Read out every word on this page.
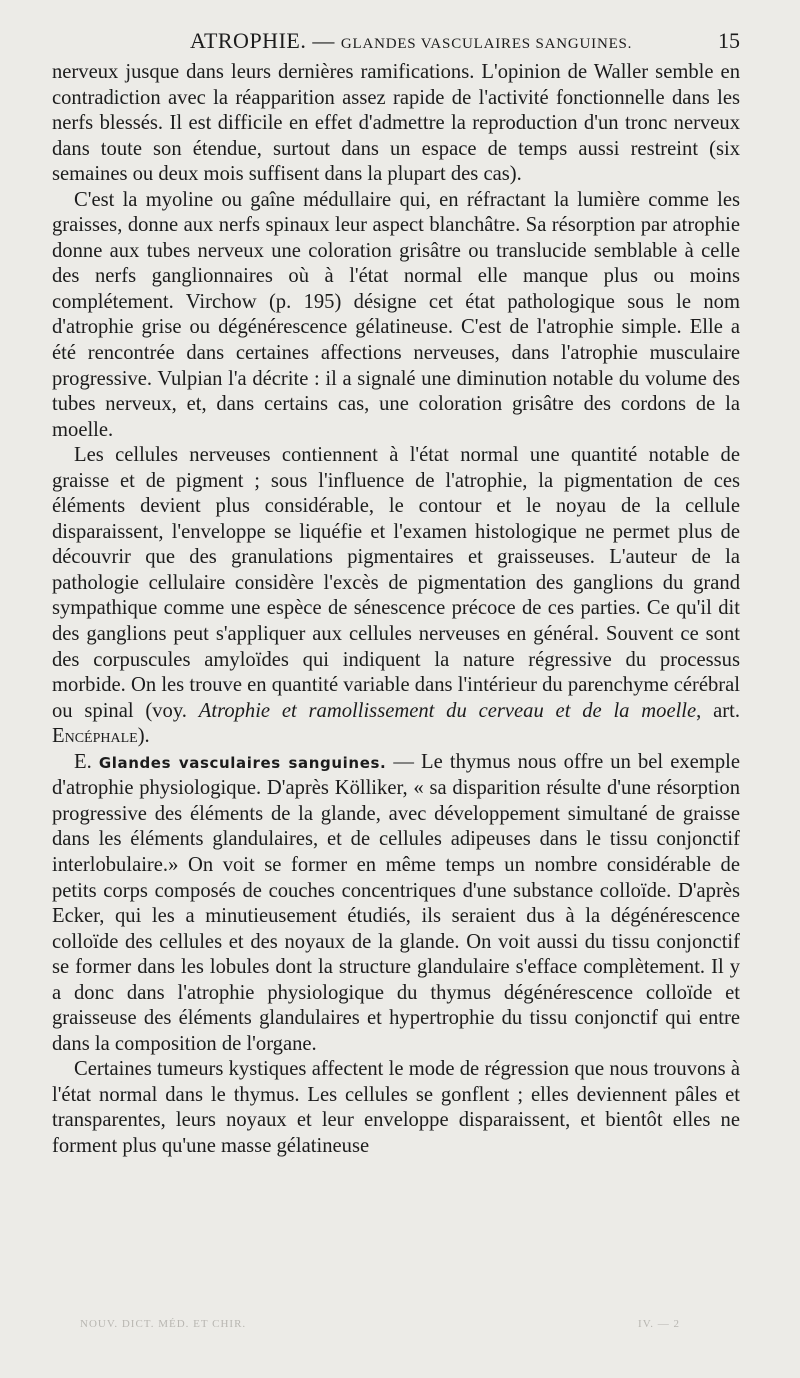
ATROPHIE. — GLANDES VASCULAIRES SANGUINES.	15

nerveux jusque dans leurs dernières ramifications. L'opinion de Waller semble en contradiction avec la réapparition assez rapide de l'activité fonctionnelle dans les nerfs blessés. Il est difficile en effet d'admettre la reproduction d'un tronc nerveux dans toute son étendue, surtout dans un espace de temps aussi restreint (six semaines ou deux mois suffisent dans la plupart des cas).

C'est la myoline ou gaîne médullaire qui, en réfractant la lumière comme les graisses, donne aux nerfs spinaux leur aspect blanchâtre. Sa résorption par atrophie donne aux tubes nerveux une coloration grisâtre ou translucide semblable à celle des nerfs ganglionnaires où à l'état normal elle manque plus ou moins complétement. Virchow (p. 195) désigne cet état pathologique sous le nom d'atrophie grise ou dégénérescence gélatineuse. C'est de l'atrophie simple. Elle a été rencontrée dans certaines affections nerveuses, dans l'atrophie musculaire progressive. Vulpian l'a décrite : il a signalé une diminution notable du volume des tubes nerveux, et, dans certains cas, une coloration grisâtre des cordons de la moelle.

Les cellules nerveuses contiennent à l'état normal une quantité notable de graisse et de pigment ; sous l'influence de l'atrophie, la pigmentation de ces éléments devient plus considérable, le contour et le noyau de la cellule disparaissent, l'enveloppe se liquéfie et l'examen histologique ne permet plus de découvrir que des granulations pigmentaires et graisseuses. L'auteur de la pathologie cellulaire considère l'excès de pigmentation des ganglions du grand sympathique comme une espèce de sénescence précoce de ces parties. Ce qu'il dit des ganglions peut s'appliquer aux cellules nerveuses en général. Souvent ce sont des corpuscules amyloïdes qui indiquent la nature régressive du processus morbide. On les trouve en quantité variable dans l'intérieur du parenchyme cérébral ou spinal (voy. Atrophie et ramollissement du cerveau et de la moelle, art. Encéphale).

E. Glandes vasculaires sanguines. — Le thymus nous offre un bel exemple d'atrophie physiologique. D'après Kölliker, « sa disparition résulte d'une résorption progressive des éléments de la glande, avec développement simultané de graisse dans les éléments glandulaires, et de cellules adipeuses dans le tissu conjonctif interlobulaire.» On voit se former en même temps un nombre considérable de petits corps composés de couches concentriques d'une substance colloïde. D'après Ecker, qui les a minutieusement étudiés, ils seraient dus à la dégénérescence colloïde des cellules et des noyaux de la glande. On voit aussi du tissu conjonctif se former dans les lobules dont la structure glandulaire s'efface complètement. Il y a donc dans l'atrophie physiologique du thymus dégénérescence colloïde et graisseuse des éléments glandulaires et hypertrophie du tissu conjonctif qui entre dans la composition de l'organe.

Certaines tumeurs kystiques affectent le mode de régression que nous trouvons à l'état normal dans le thymus. Les cellules se gonflent ; elles deviennent pâles et transparentes, leurs noyaux et leur enveloppe disparaissent, et bientôt elles ne forment plus qu'une masse gélatineuse

NOUV. DICT. MÉD. ET CHIR.	IV. — 2
